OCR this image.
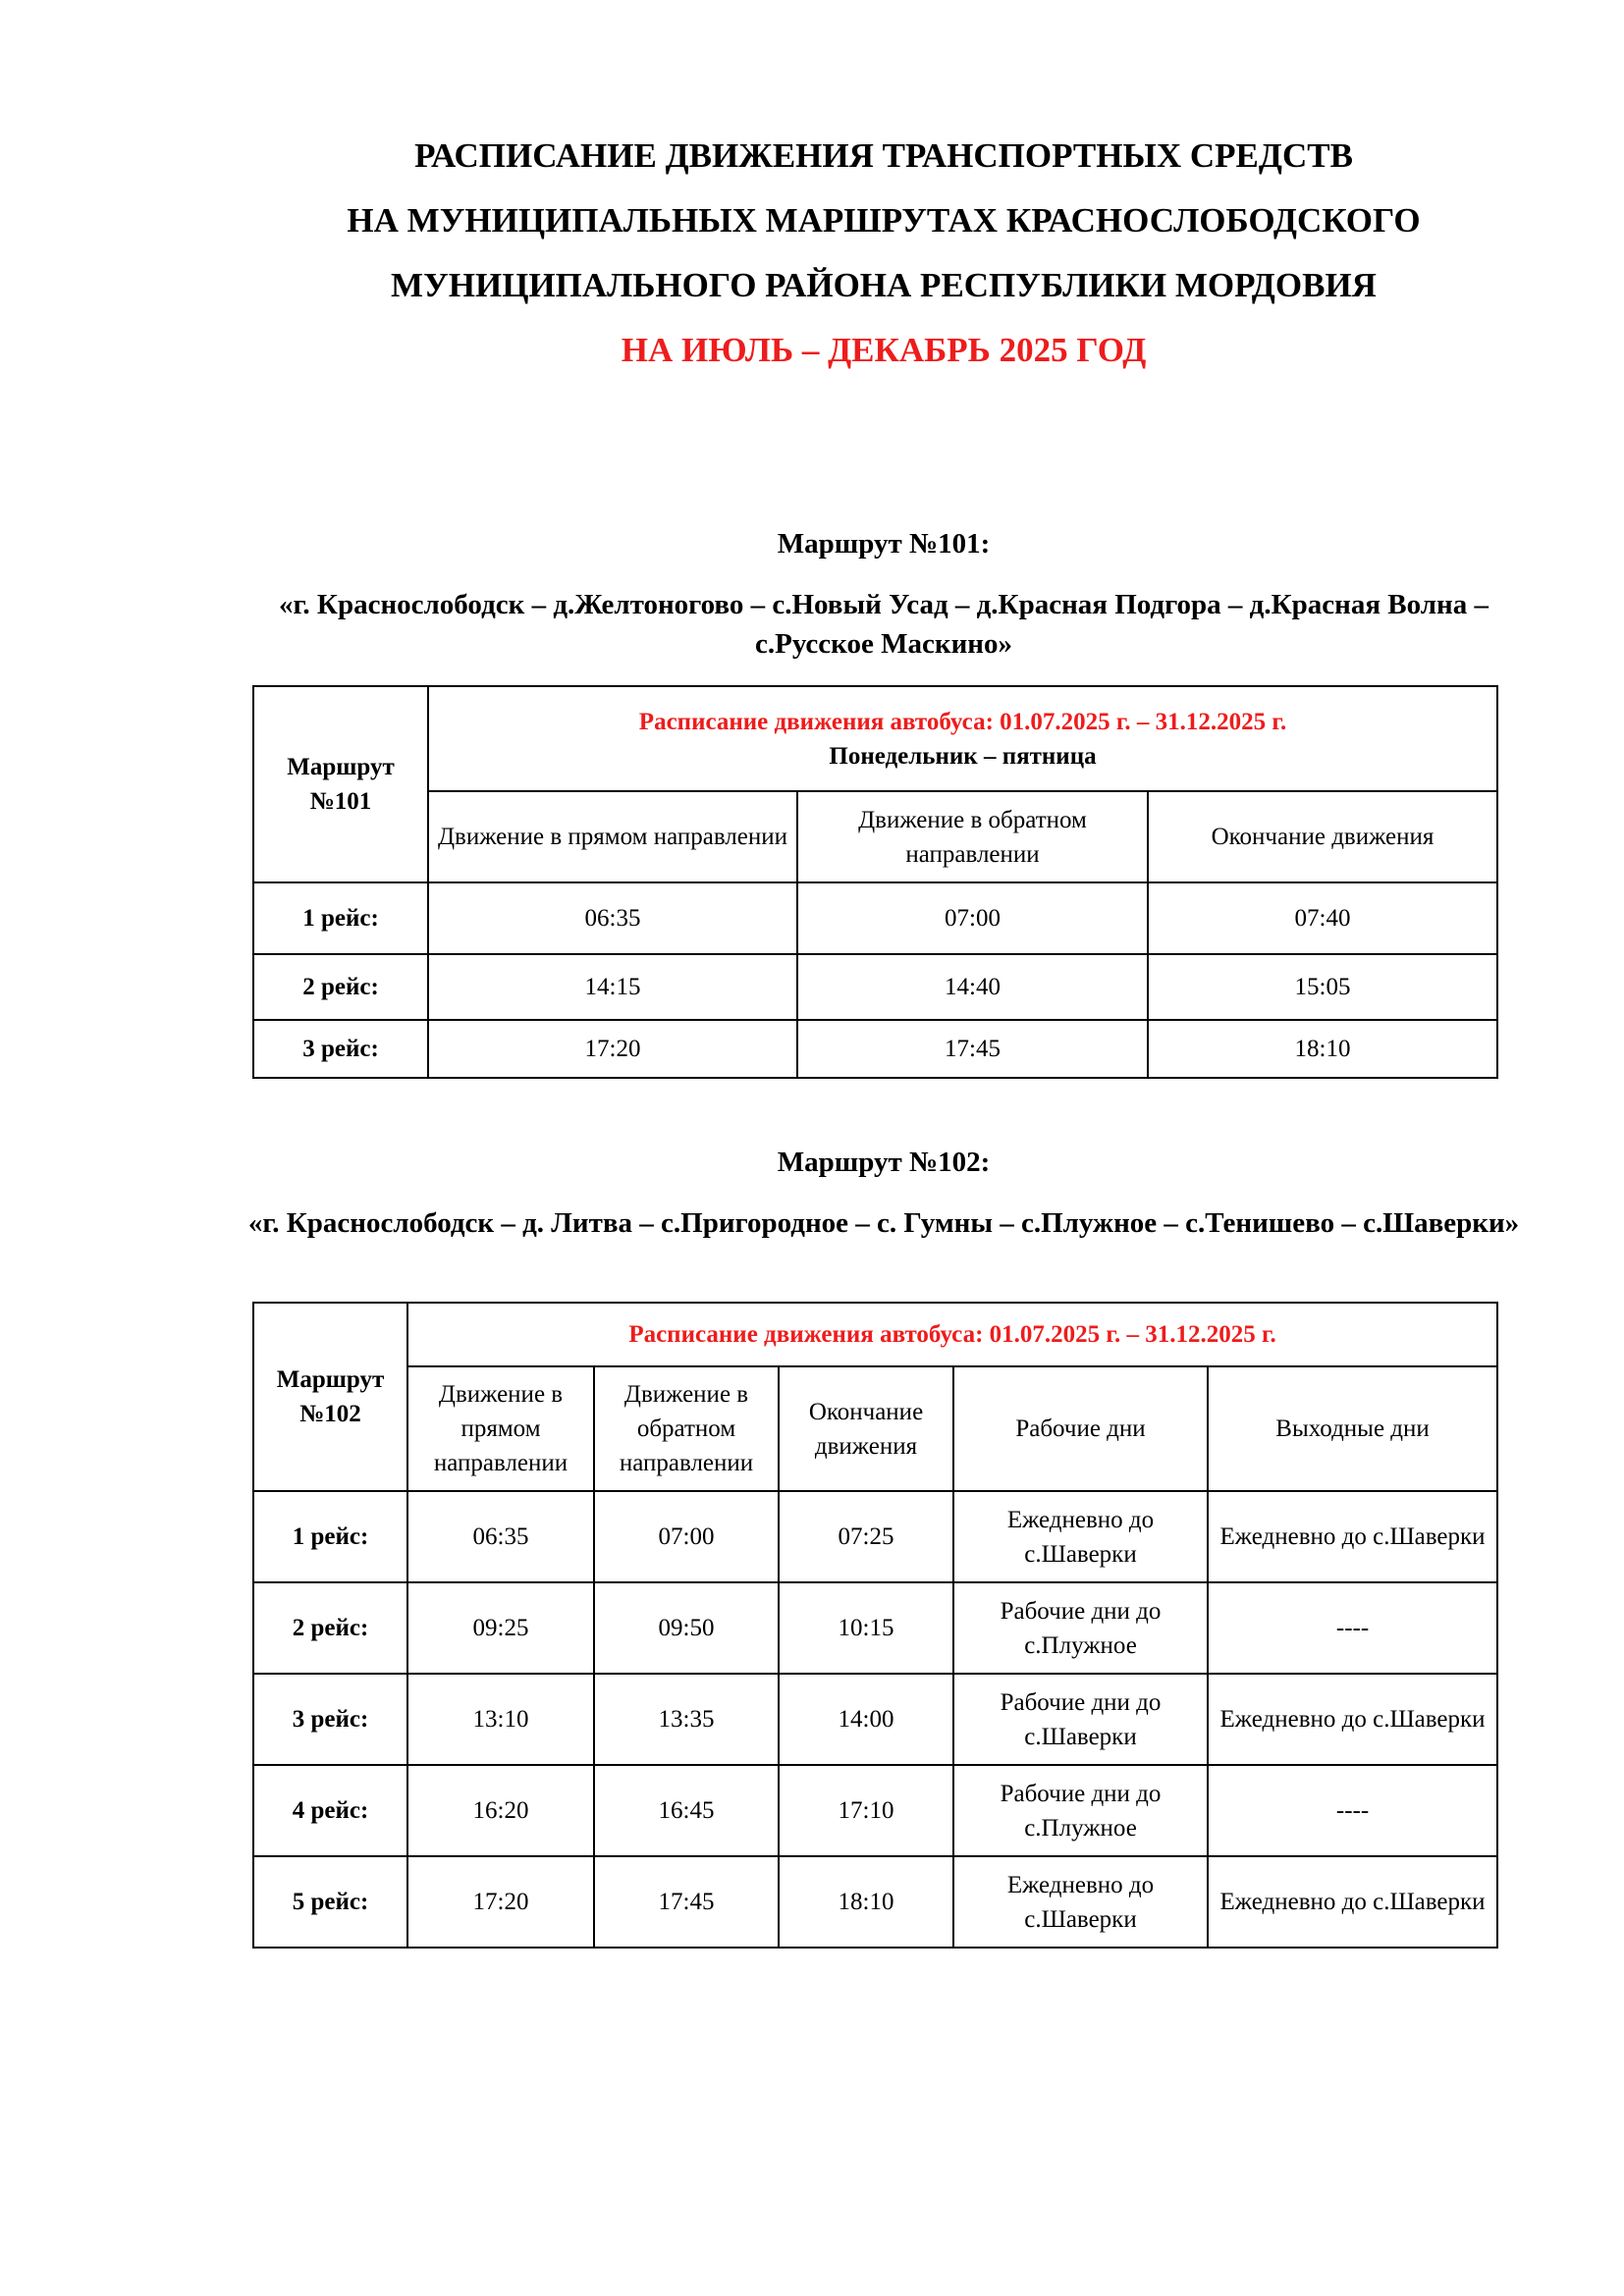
РАСПИСАНИЕ ДВИЖЕНИЯ ТРАНСПОРТНЫХ СРЕДСТВ
НА МУНИЦИПАЛЬНЫХ МАРШРУТАХ КРАСНОСЛОБОДСКОГО
МУНИЦИПАЛЬНОГО РАЙОНА РЕСПУБЛИКИ МОРДОВИЯ
НА ИЮЛЬ – ДЕКАБРЬ 2025 ГОД
Маршрут №101:
«г. Краснослободск – д.Желтоногово – с.Новый Усад – д.Красная Подгора – д.Красная Волна – с.Русское Маскино»
Маршрут №101	Расписание движения автобуса: 01.07.2025 г. – 31.12.2025 г.
Понедельник – пятница		
	Движение в прямом направлении	Движение в обратном направлении	Окончание движения
1 рейс:	06:35	07:00	07:40
2 рейс:	14:15	14:40	15:05
3 рейс:	17:20	17:45	18:10
Маршрут №102:
«г. Краснослободск – д. Литва – с.Пригородное – с. Гумны – с.Плужное – с.Тенишево – с.Шаверки»
Маршрут №102	Расписание движения автобуса: 01.07.2025 г. – 31.12.2025 г.				

	Движение в прямом направлении	Движение в обратном направлении	Окончание движения	Рабочие дни	Выходные дни
1 рейс:	06:35	07:00	07:25	Ежедневно до с.Шаверки	Ежедневно до с.Шаверки
2 рейс:	09:25	09:50	10:15	Рабочие дни до с.Плужное	----
3 рейс:	13:10	13:35	14:00	Рабочие дни до с.Шаверки	Ежедневно до с.Шаверки
4 рейс:	16:20	16:45	17:10	Рабочие дни до с.Плужное	----
5 рейс:	17:20	17:45	18:10	Ежедневно до с.Шаверки	Ежедневно до с.Шаверки
